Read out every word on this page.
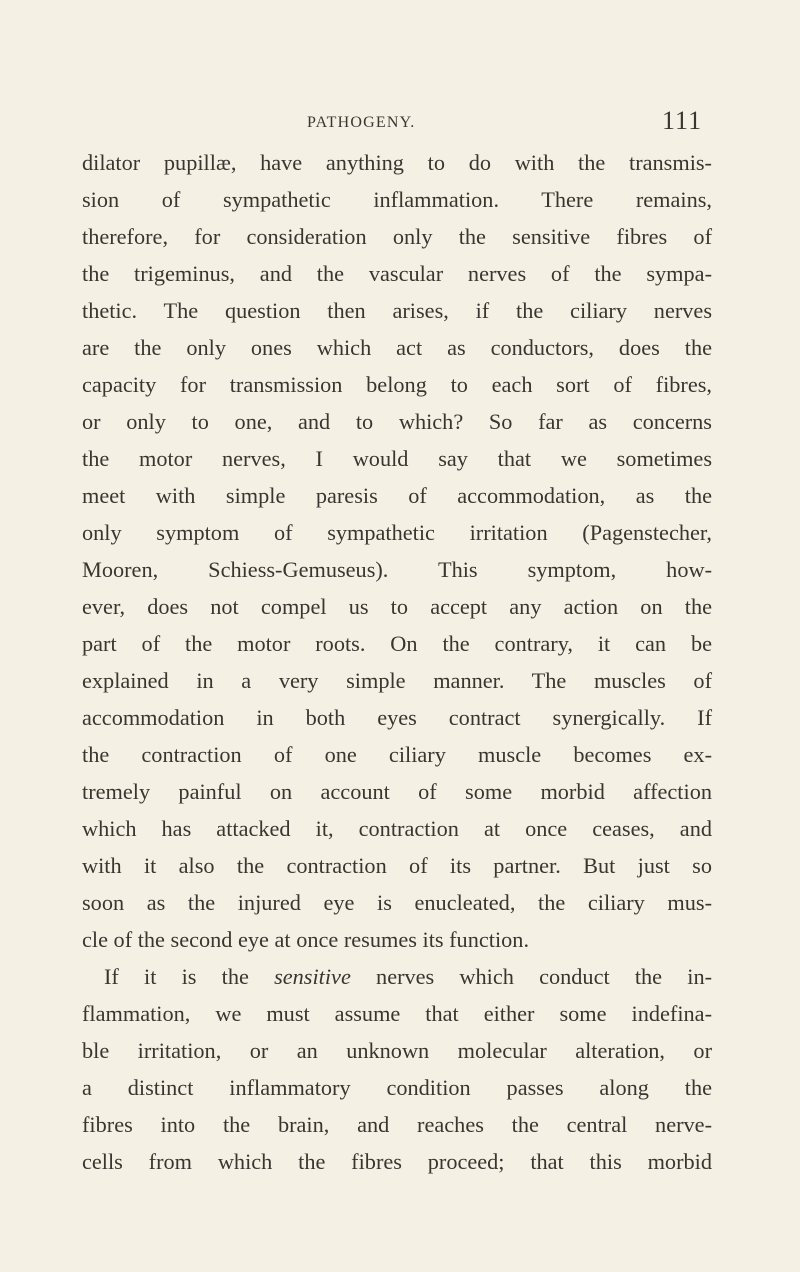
PATHOGENY.	111
dilator pupillæ, have anything to do with the transmis-
sion of sympathetic inflammation. There remains,
therefore, for consideration only the sensitive fibres of
the trigeminus, and the vascular nerves of the sympa-
thetic. The question then arises, if the ciliary nerves
are the only ones which act as conductors, does the
capacity for transmission belong to each sort of fibres,
or only to one, and to which? So far as concerns
the motor nerves, I would say that we sometimes
meet with simple paresis of accommodation, as the
only symptom of sympathetic irritation (Pagenstecher,
Mooren, Schiess-Gemuseus). This symptom, how-
ever, does not compel us to accept any action on the
part of the motor roots. On the contrary, it can be
explained in a very simple manner. The muscles of
accommodation in both eyes contract synergically. If
the contraction of one ciliary muscle becomes ex-
tremely painful on account of some morbid affection
which has attacked it, contraction at once ceases, and
with it also the contraction of its partner. But just so
soon as the injured eye is enucleated, the ciliary mus-
cle of the second eye at once resumes its function.
If it is the sensitive nerves which conduct the in-
flammation, we must assume that either some indefina-
ble irritation, or an unknown molecular alteration, or
a distinct inflammatory condition passes along the
fibres into the brain, and reaches the central nerve-
cells from which the fibres proceed; that this morbid
